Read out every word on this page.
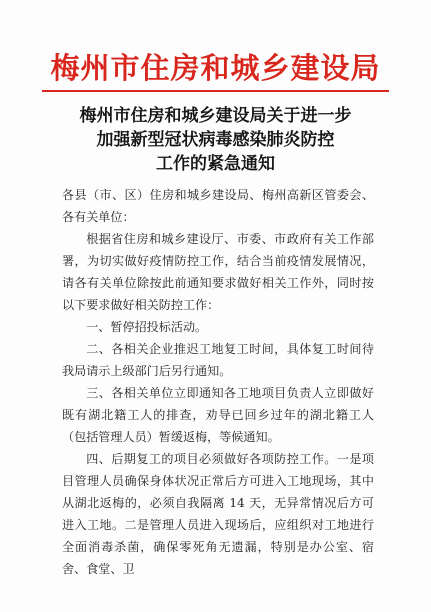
梅州市住房和城乡建设局
梅州市住房和城乡建设局关于进一步
加强新型冠状病毒感染肺炎防控
工作的紧急通知

各县（市、区）住房和城乡建设局、梅州高新区管委会、各有关单位：

根据省住房和城乡建设厅、市委、市政府有关工作部署，为切实做好疫情防控工作，结合当前疫情发展情况，请各有关单位除按此前通知要求做好相关工作外，同时按以下要求做好相关防控工作：

一、暂停招投标活动。

二、各相关企业推迟工地复工时间，具体复工时间待我局请示上级部门后另行通知。

三、各相关单位立即通知各工地项目负责人立即做好既有湖北籍工人的排查，劝导已回乡过年的湖北籍工人（包括管理人员）暂缓返梅，等候通知。

四、后期复工的项目必须做好各项防控工作。一是项目管理人员确保身体状况正常后方可进入工地现场，其中从湖北返梅的，必须自我隔离 14 天，无异常情况后方可进入工地。二是管理人员进入现场后，应组织对工地进行全面消毒杀菌，确保零死角无遗漏，特别是办公室、宿舍、食堂、卫
